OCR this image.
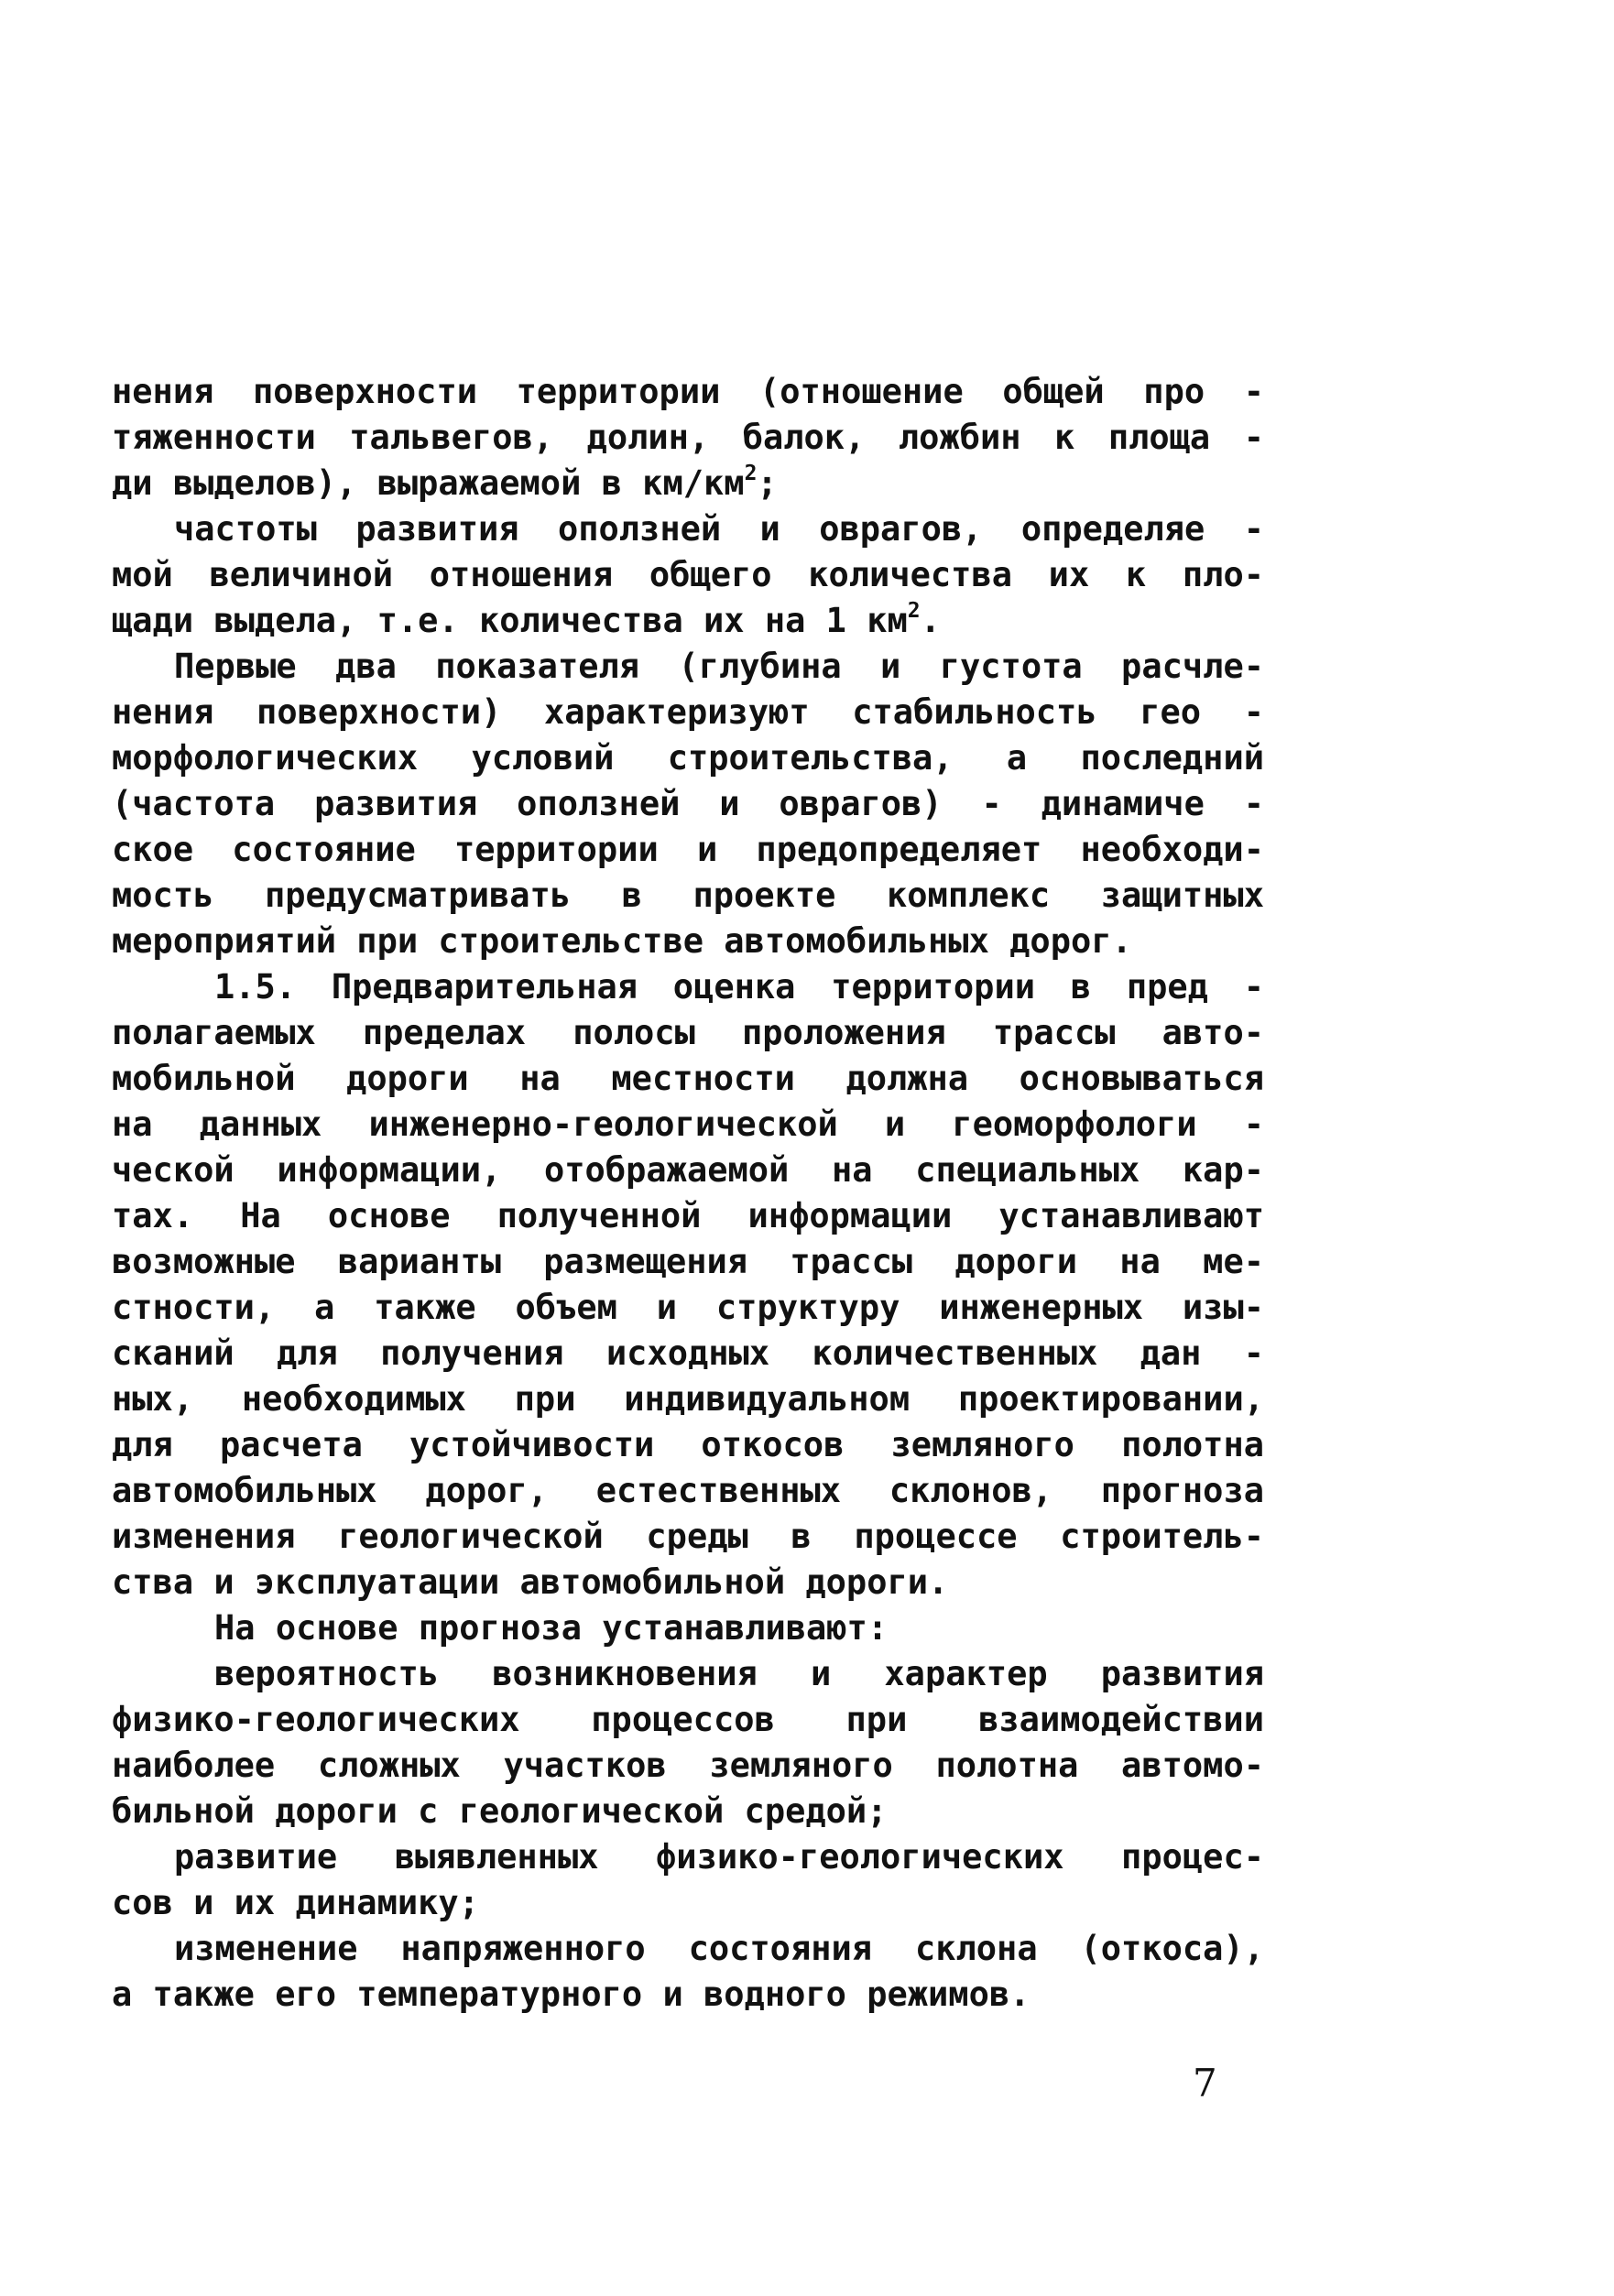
нения поверхности территории (отношение общей про -
тяженности тальвегов, долин, балок, ложбин к площа -
ди выделов), выражаемой в $км/км^2$;
частоты развития оползней и оврагов, определяе -
мой величиной отношения общего количества их к пло-
щади выдела, т.е. количества их на 1 $км^2$.
Первые два показателя (глубина и густота расчле-
нения поверхности) характеризуют стабильность гео -
морфологических условий строительства, а последний
(частота развития оползней и оврагов) - динамиче -
ское состояние территории и предопределяет необходи-
мость предусматривать в проекте комплекс защитных
мероприятий при строительстве автомобильных дорог.
1.5. Предварительная оценка территории в пред -
полагаемых пределах полосы проложения трассы авто-
мобильной дороги на местности должна основываться
на данных инженерно-геологической и геоморфологи -
ческой информации, отображаемой на специальных кар-
тах. На основе полученной информации устанавливают
возможные варианты размещения трассы дороги на ме-
стности, а также объем и структуру инженерных изы-
сканий для получения исходных количественных дан -
ных, необходимых при индивидуальном проектировании,
для расчета устойчивости откосов земляного полотна
автомобильных дорог, естественных склонов, прогноза
изменения геологической среды в процессе строитель-
ства и эксплуатации автомобильной дороги.
На основе прогноза устанавливают:
вероятность возникновения и характер развития
физико-геологических процессов при взаимодействии
наиболее сложных участков земляного полотна автомо-
бильной дороги с геологической средой;
развитие выявленных физико-геологических процес-
сов и их динамику;
изменение напряженного состояния склона (откоса),
а также его температурного и водного режимов.
7
